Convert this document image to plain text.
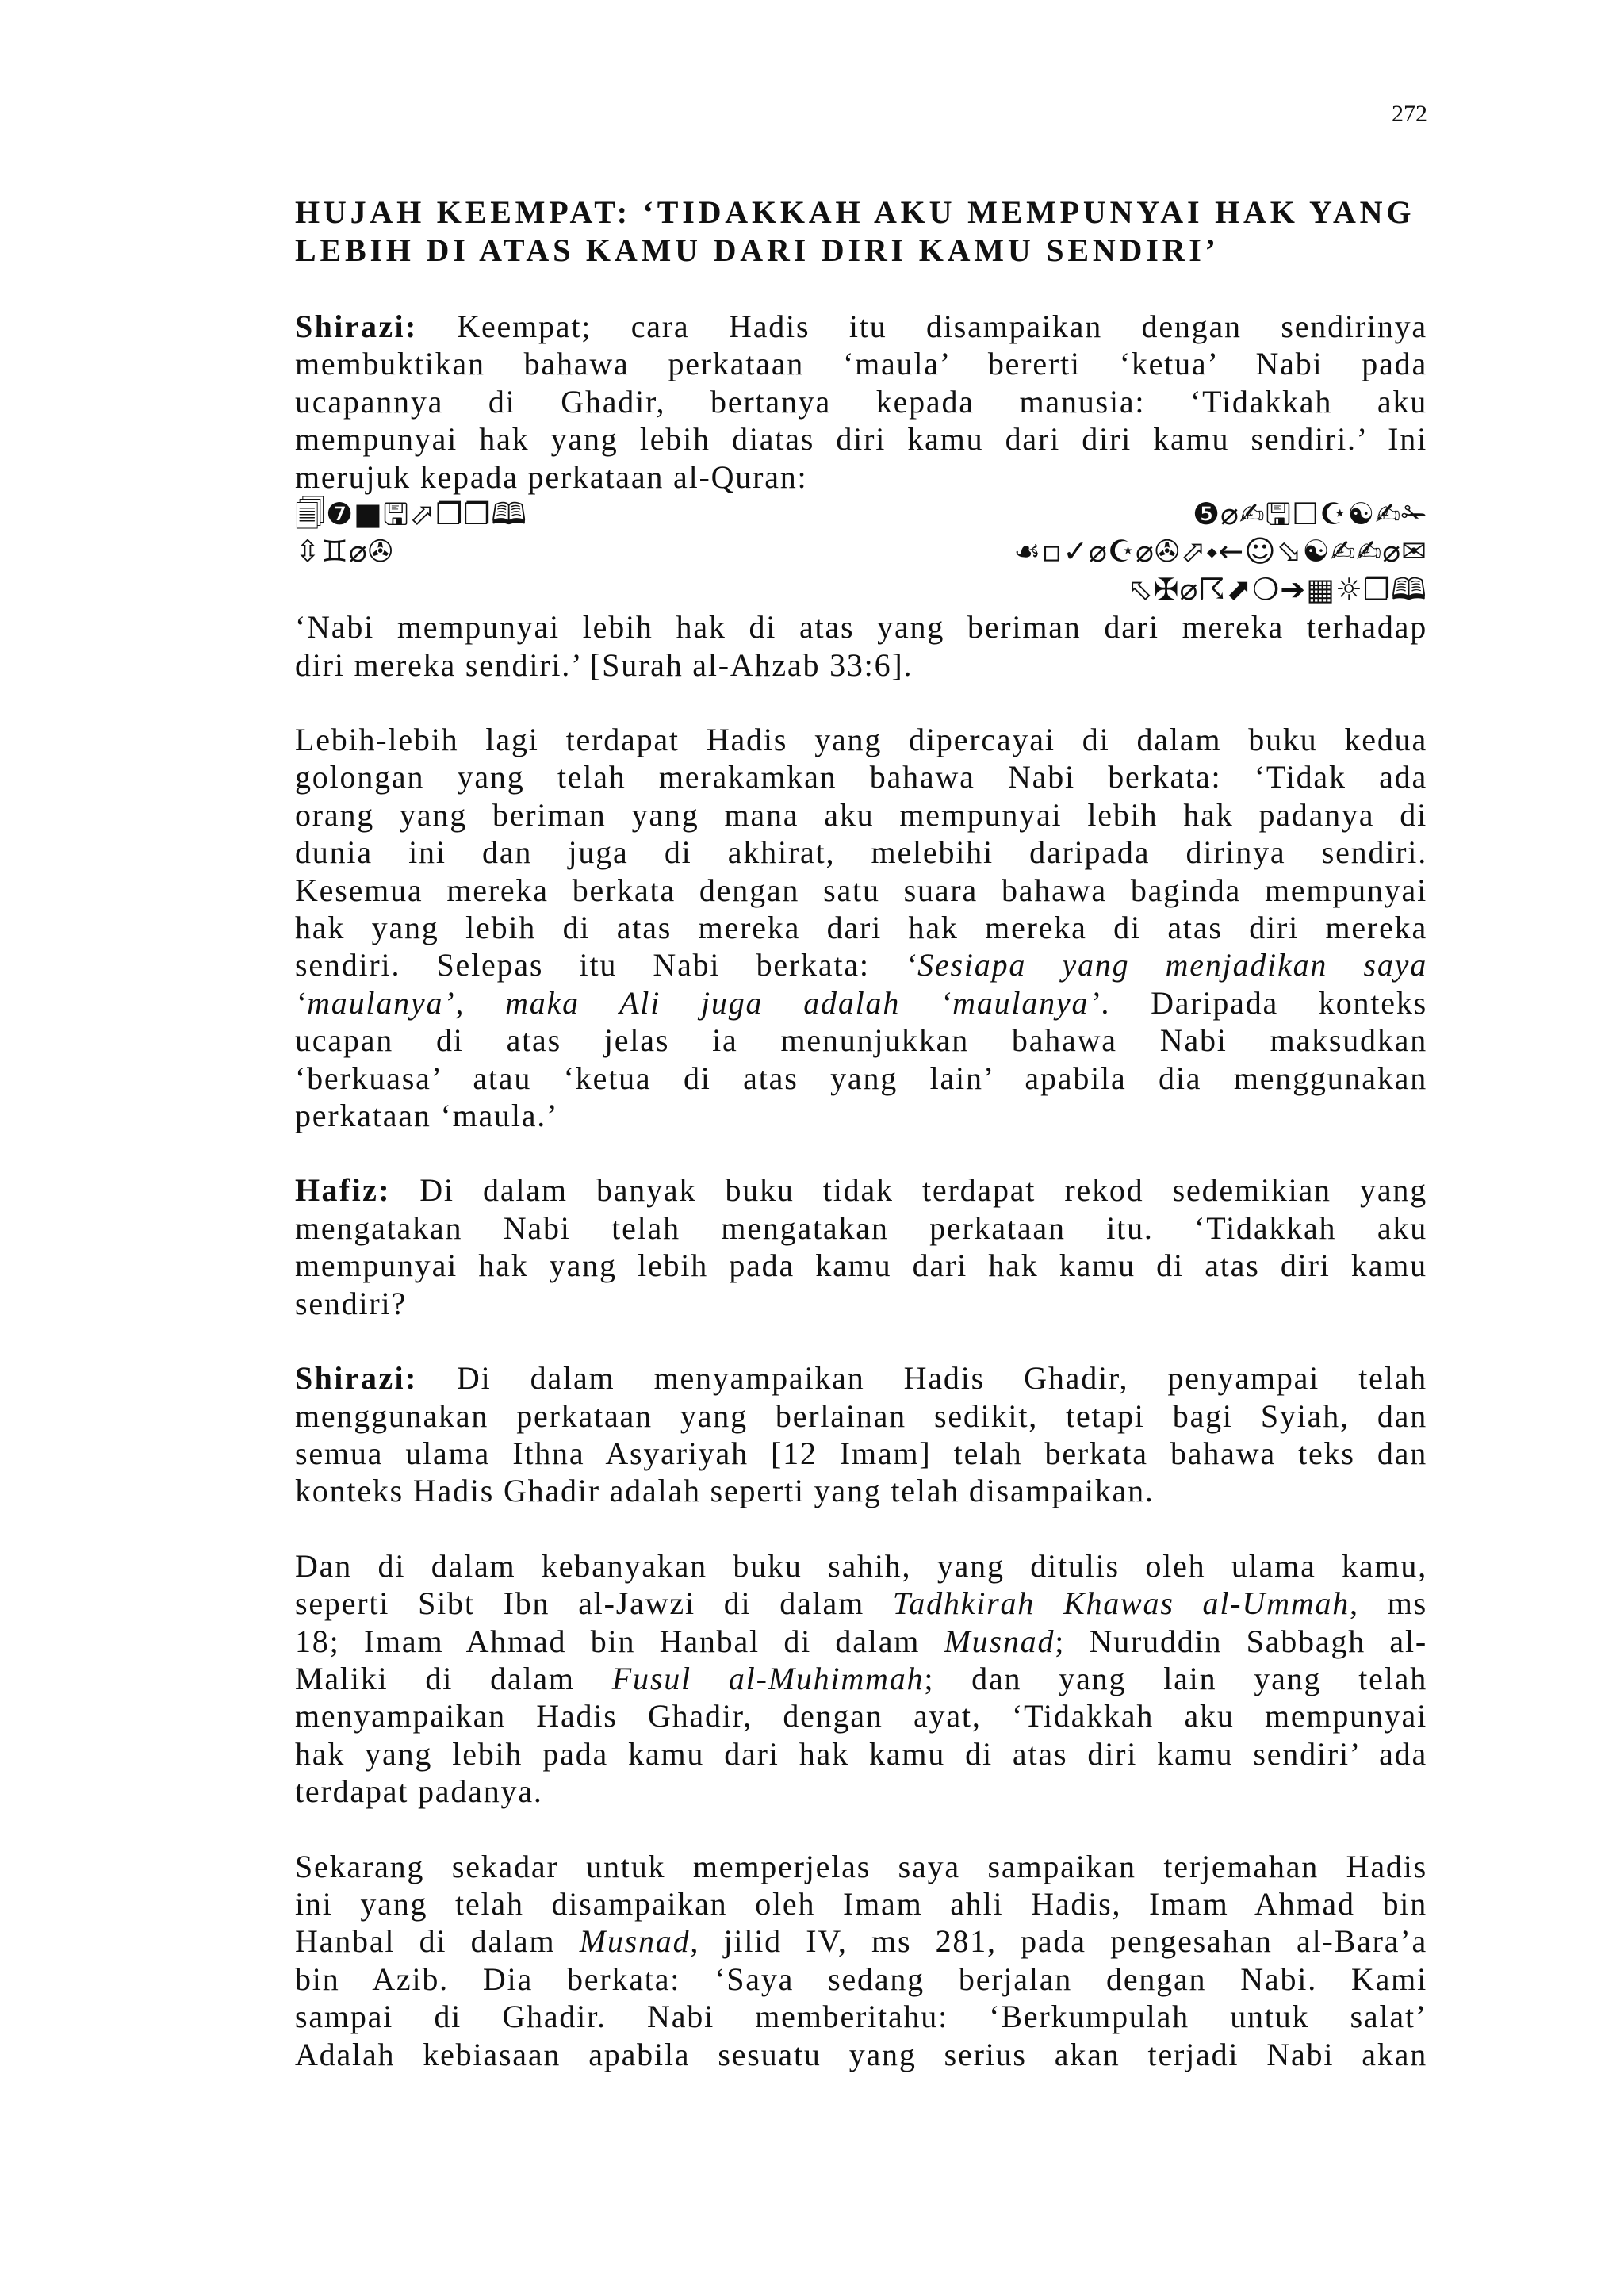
272
HUJAH KEEMPAT: ‘TIDAKKAH AKU MEMPUNYAI HAK YANG
LEBIH DI ATAS KAMU DARI DIRI KAMU SENDIRI’
Shirazi: Keempat; cara Hadis itu disampaikan dengan sendirinya
membuktikan bahawa perkataan ‘maula’ bererti ‘ketua’ Nabi pada
ucapannya di Ghadir, bertanya kepada manusia: ‘Tidakkah aku
mempunyai hak yang lebih diatas diri kamu dari diri kamu sendiri.’ Ini
merujuk kepada perkataan al-Quran:
🗐❼■🖫⬀❐❐🕮	❺⌀✍🖫☐☪☯✍✁
⇳♊⌀✇	☙▫✓⌀☪⌀✇⬀⬩←☺⬂☯✍✍⌀✉
⬁✠⌀☈⬈❍➔▦☼❐🕮
‘Nabi mempunyai lebih hak di atas yang beriman dari mereka terhadap
diri mereka sendiri.’ [Surah al-Ahzab 33:6].
Lebih-lebih lagi terdapat Hadis yang dipercayai di dalam buku kedua
golongan yang telah merakamkan bahawa Nabi berkata: ‘Tidak ada
orang yang beriman yang mana aku mempunyai lebih hak padanya di
dunia ini dan juga di akhirat, melebihi daripada dirinya sendiri.
Kesemua mereka berkata dengan satu suara bahawa baginda mempunyai
hak yang lebih di atas mereka dari hak mereka di atas diri mereka
sendiri. Selepas itu Nabi berkata: ‘Sesiapa yang menjadikan saya
‘maulanya’, maka Ali juga adalah ‘maulanya’. Daripada konteks
ucapan di atas jelas ia menunjukkan bahawa Nabi maksudkan
‘berkuasa’ atau ‘ketua di atas yang lain’ apabila dia menggunakan
perkataan ‘maula.’
Hafiz: Di dalam banyak buku tidak terdapat rekod sedemikian yang
mengatakan Nabi telah mengatakan perkataan itu. ‘Tidakkah aku
mempunyai hak yang lebih pada kamu dari hak kamu di atas diri kamu
sendiri?
Shirazi: Di dalam menyampaikan Hadis Ghadir, penyampai telah
menggunakan perkataan yang berlainan sedikit, tetapi bagi Syiah, dan
semua ulama Ithna Asyariyah [12 Imam] telah berkata bahawa teks dan
konteks Hadis Ghadir adalah seperti yang telah disampaikan.
Dan di dalam kebanyakan buku sahih, yang ditulis oleh ulama kamu,
seperti Sibt Ibn al-Jawzi di dalam Tadhkirah Khawas al-Ummah, ms
18; Imam Ahmad bin Hanbal di dalam Musnad; Nuruddin Sabbagh al-
Maliki di dalam Fusul al-Muhimmah; dan yang lain yang telah
menyampaikan Hadis Ghadir, dengan ayat, ‘Tidakkah aku mempunyai
hak yang lebih pada kamu dari hak kamu di atas diri kamu sendiri’ ada
terdapat padanya.
Sekarang sekadar untuk memperjelas saya sampaikan terjemahan Hadis
ini yang telah disampaikan oleh Imam ahli Hadis, Imam Ahmad bin
Hanbal di dalam Musnad, jilid IV, ms 281, pada pengesahan al-Bara’a
bin Azib. Dia berkata: ‘Saya sedang berjalan dengan Nabi. Kami
sampai di Ghadir. Nabi memberitahu: ‘Berkumpulah untuk salat’
Adalah kebiasaan apabila sesuatu yang serius akan terjadi Nabi akan
